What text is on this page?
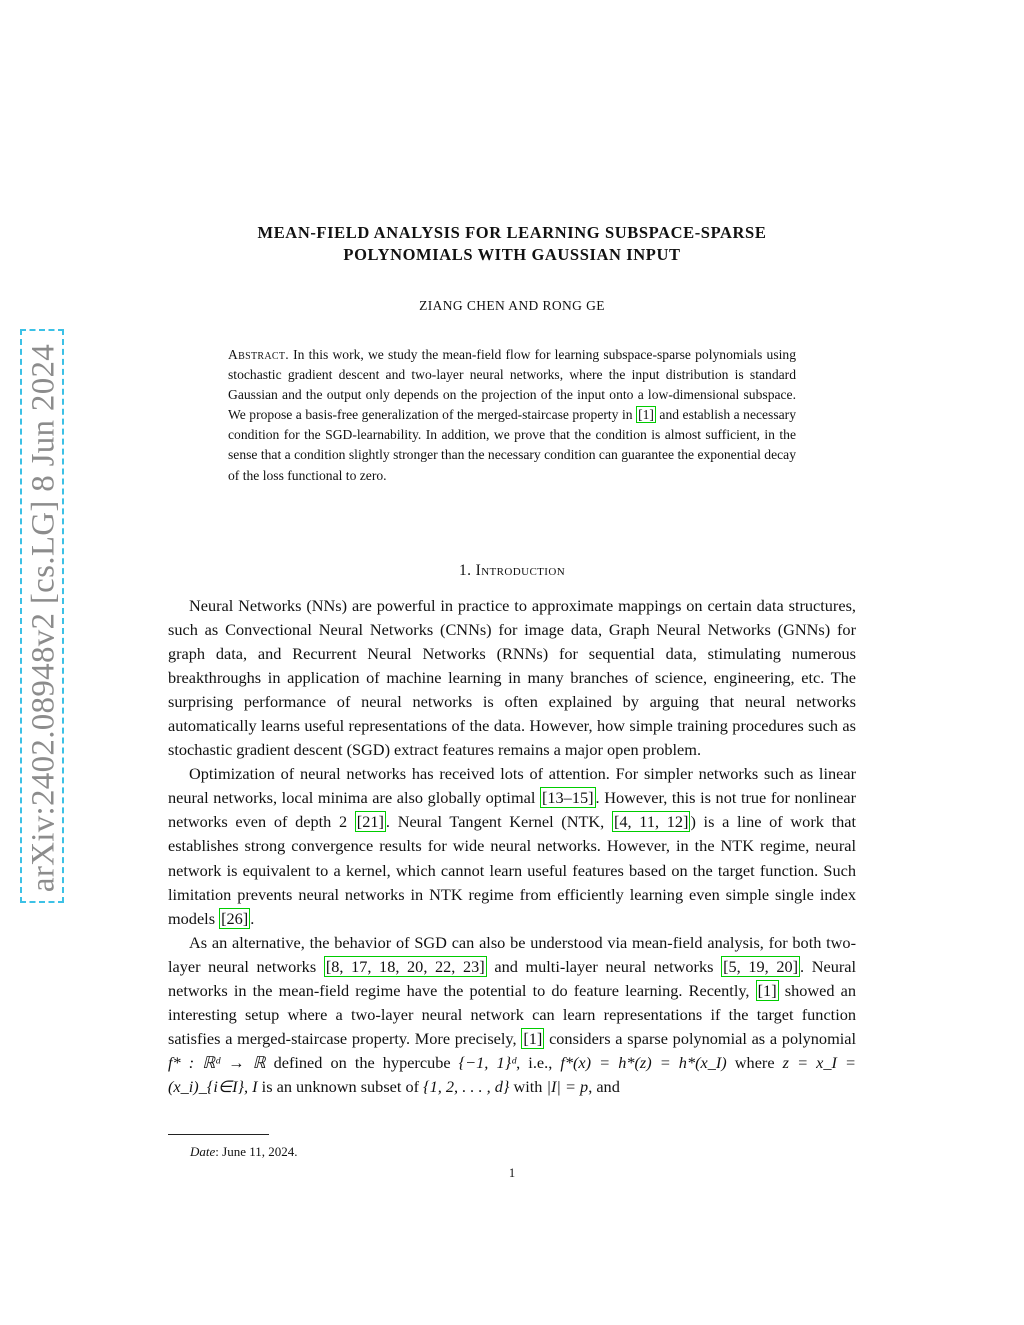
arXiv:2402.08948v2 [cs.LG] 8 Jun 2024
MEAN-FIELD ANALYSIS FOR LEARNING SUBSPACE-SPARSE
POLYNOMIALS WITH GAUSSIAN INPUT
ZIANG CHEN AND RONG GE
Abstract. In this work, we study the mean-field flow for learning subspace-sparse polynomials using stochastic gradient descent and two-layer neural networks, where the input distribution is standard Gaussian and the output only depends on the projection of the input onto a low-dimensional subspace. We propose a basis-free generalization of the merged-staircase property in [1] and establish a necessary condition for the SGD-learnability. In addition, we prove that the condition is almost sufficient, in the sense that a condition slightly stronger than the necessary condition can guarantee the exponential decay of the loss functional to zero.
1. Introduction

Neural Networks (NNs) are powerful in practice to approximate mappings on certain data structures, such as Convectional Neural Networks (CNNs) for image data, Graph Neural Networks (GNNs) for graph data, and Recurrent Neural Networks (RNNs) for sequential data, stimulating numerous breakthroughs in application of machine learning in many branches of science, engineering, etc. The surprising performance of neural networks is often explained by arguing that neural networks automatically learns useful representations of the data. However, how simple training procedures such as stochastic gradient descent (SGD) extract features remains a major open problem.

Optimization of neural networks has received lots of attention. For simpler networks such as linear neural networks, local minima are also globally optimal [13–15] . However, this is not true for nonlinear networks even of depth 2 [21] . Neural Tangent Kernel (NTK, [4, 11, 12] ) is a line of work that establishes strong convergence results for wide neural networks. However, in the NTK regime, neural network is equivalent to a kernel, which cannot learn useful features based on the target function. Such limitation prevents neural networks in NTK regime from efficiently learning even simple single index models [26] .

As an alternative, the behavior of SGD can also be understood via mean-field analysis, for both two-layer neural networks [8, 17, 18, 20, 22, 23] and multi-layer neural networks [5, 19, 20] . Neural networks in the mean-field regime have the potential to do feature learning. Recently, [1] showed an interesting setup where a two-layer neural network can learn representations if the target function satisfies a merged-staircase property. More precisely, [1] considers a sparse polynomial as a polynomial f* : ℝᵈ → ℝ defined on the hypercube {−1, 1}ᵈ, i.e., f*(x) = h*(z) = h*(x_I) where z = x_I = (x_i)_{i∈I}, I is an unknown subset of {1, 2, . . . , d} with |I| = p, and

Date: June 11, 2024.
1
